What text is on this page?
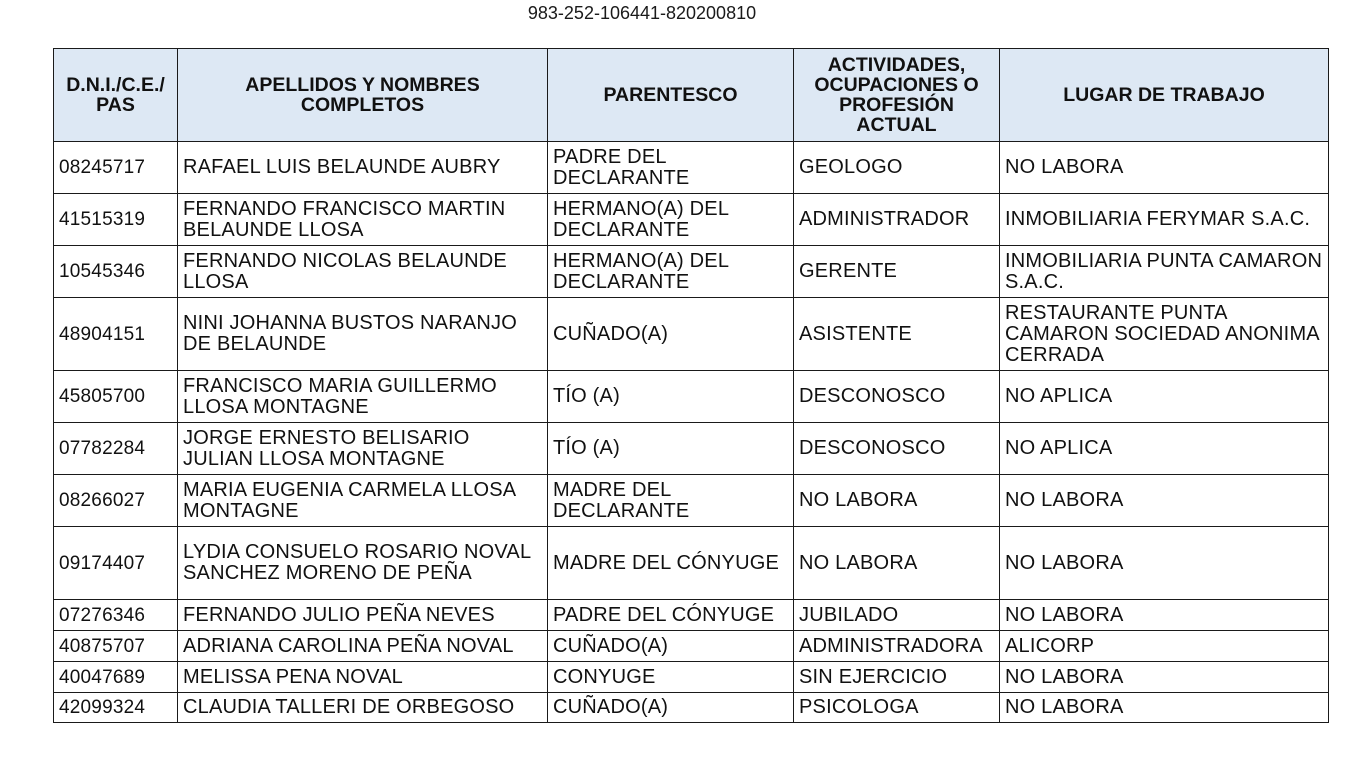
983-252-106441-820200810
D.N.I./C.E./ PAS	APELLIDOS Y NOMBRES COMPLETOS	PARENTESCO	ACTIVIDADES, OCUPACIONES O PROFESIÓN ACTUAL	LUGAR DE TRABAJO
08245717	RAFAEL LUIS BELAUNDE AUBRY	PADRE DEL DECLARANTE	GEOLOGO	NO LABORA
41515319	FERNANDO FRANCISCO MARTIN BELAUNDE LLOSA	HERMANO(A) DEL DECLARANTE	ADMINISTRADOR	INMOBILIARIA FERYMAR S.A.C.
10545346	FERNANDO NICOLAS BELAUNDE LLOSA	HERMANO(A) DEL DECLARANTE	GERENTE	INMOBILIARIA PUNTA CAMARON S.A.C.
48904151	NINI JOHANNA BUSTOS NARANJO DE BELAUNDE	CUÑADO(A)	ASISTENTE	RESTAURANTE PUNTA CAMARON SOCIEDAD ANONIMA CERRADA
45805700	FRANCISCO MARIA GUILLERMO LLOSA MONTAGNE	TÍO (A)	DESCONOSCO	NO APLICA
07782284	JORGE ERNESTO BELISARIO JULIAN LLOSA MONTAGNE	TÍO (A)	DESCONOSCO	NO APLICA
08266027	MARIA EUGENIA CARMELA LLOSA MONTAGNE	MADRE DEL DECLARANTE	NO LABORA	NO LABORA
09174407	LYDIA CONSUELO ROSARIO NOVAL SANCHEZ MORENO DE PEÑA	MADRE DEL CÓNYUGE	NO LABORA	NO LABORA
07276346	FERNANDO JULIO PEÑA NEVES	PADRE DEL CÓNYUGE	JUBILADO	NO LABORA
40875707	ADRIANA CAROLINA PEÑA NOVAL	CUÑADO(A)	ADMINISTRADORA	ALICORP
40047689	MELISSA PENA NOVAL	CONYUGE	SIN EJERCICIO	NO LABORA
42099324	CLAUDIA TALLERI DE ORBEGOSO	CUÑADO(A)	PSICOLOGA	NO LABORA
